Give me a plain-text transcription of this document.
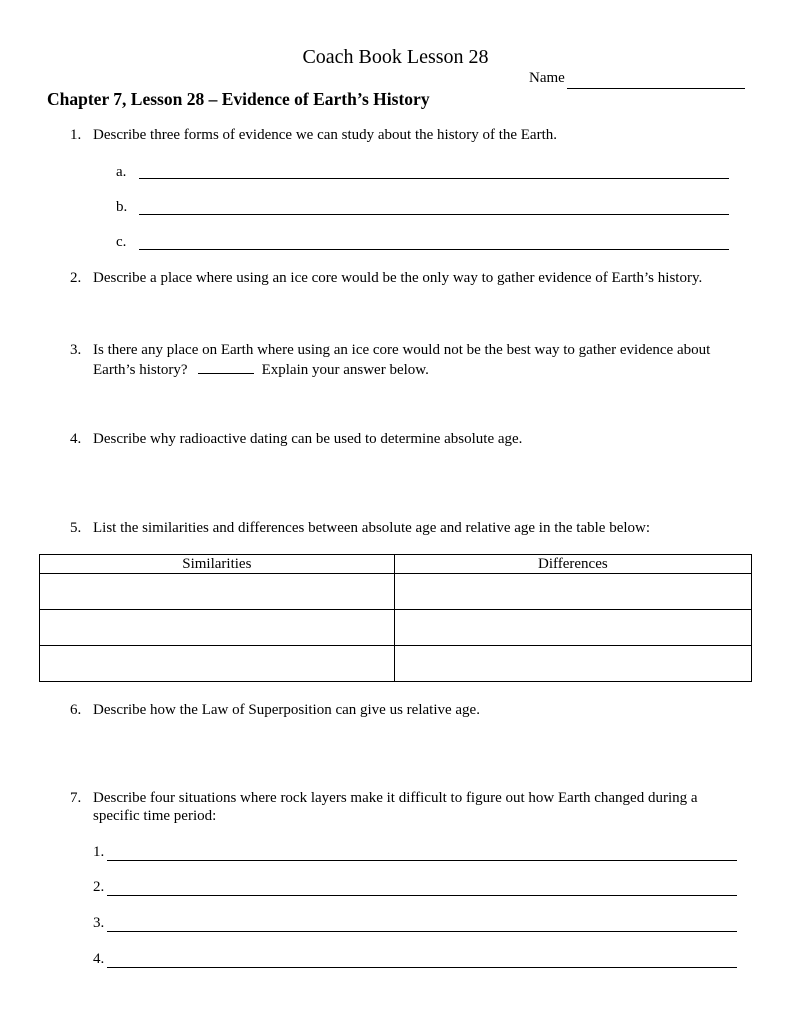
Coach Book Lesson 28
Name
Chapter 7, Lesson 28 – Evidence of Earth’s History
1. Describe three forms of evidence we can study about the history of the Earth.
a.
b.
c.
2. Describe a place where using an ice core would be the only way to gather evidence of Earth’s history.
3. Is there any place on Earth where using an ice core would not be the best way to gather evidence about
Earth’s history?	Explain your answer below.
4. Describe why radioactive dating can be used to determine absolute age.
5. List the similarities and differences between absolute age and relative age in the table below:
Similarities	Differences

6. Describe how the Law of Superposition can give us relative age.
7. Describe four situations where rock layers make it difficult to figure out how Earth changed during a
specific time period:
1.
2.
3.
4.
